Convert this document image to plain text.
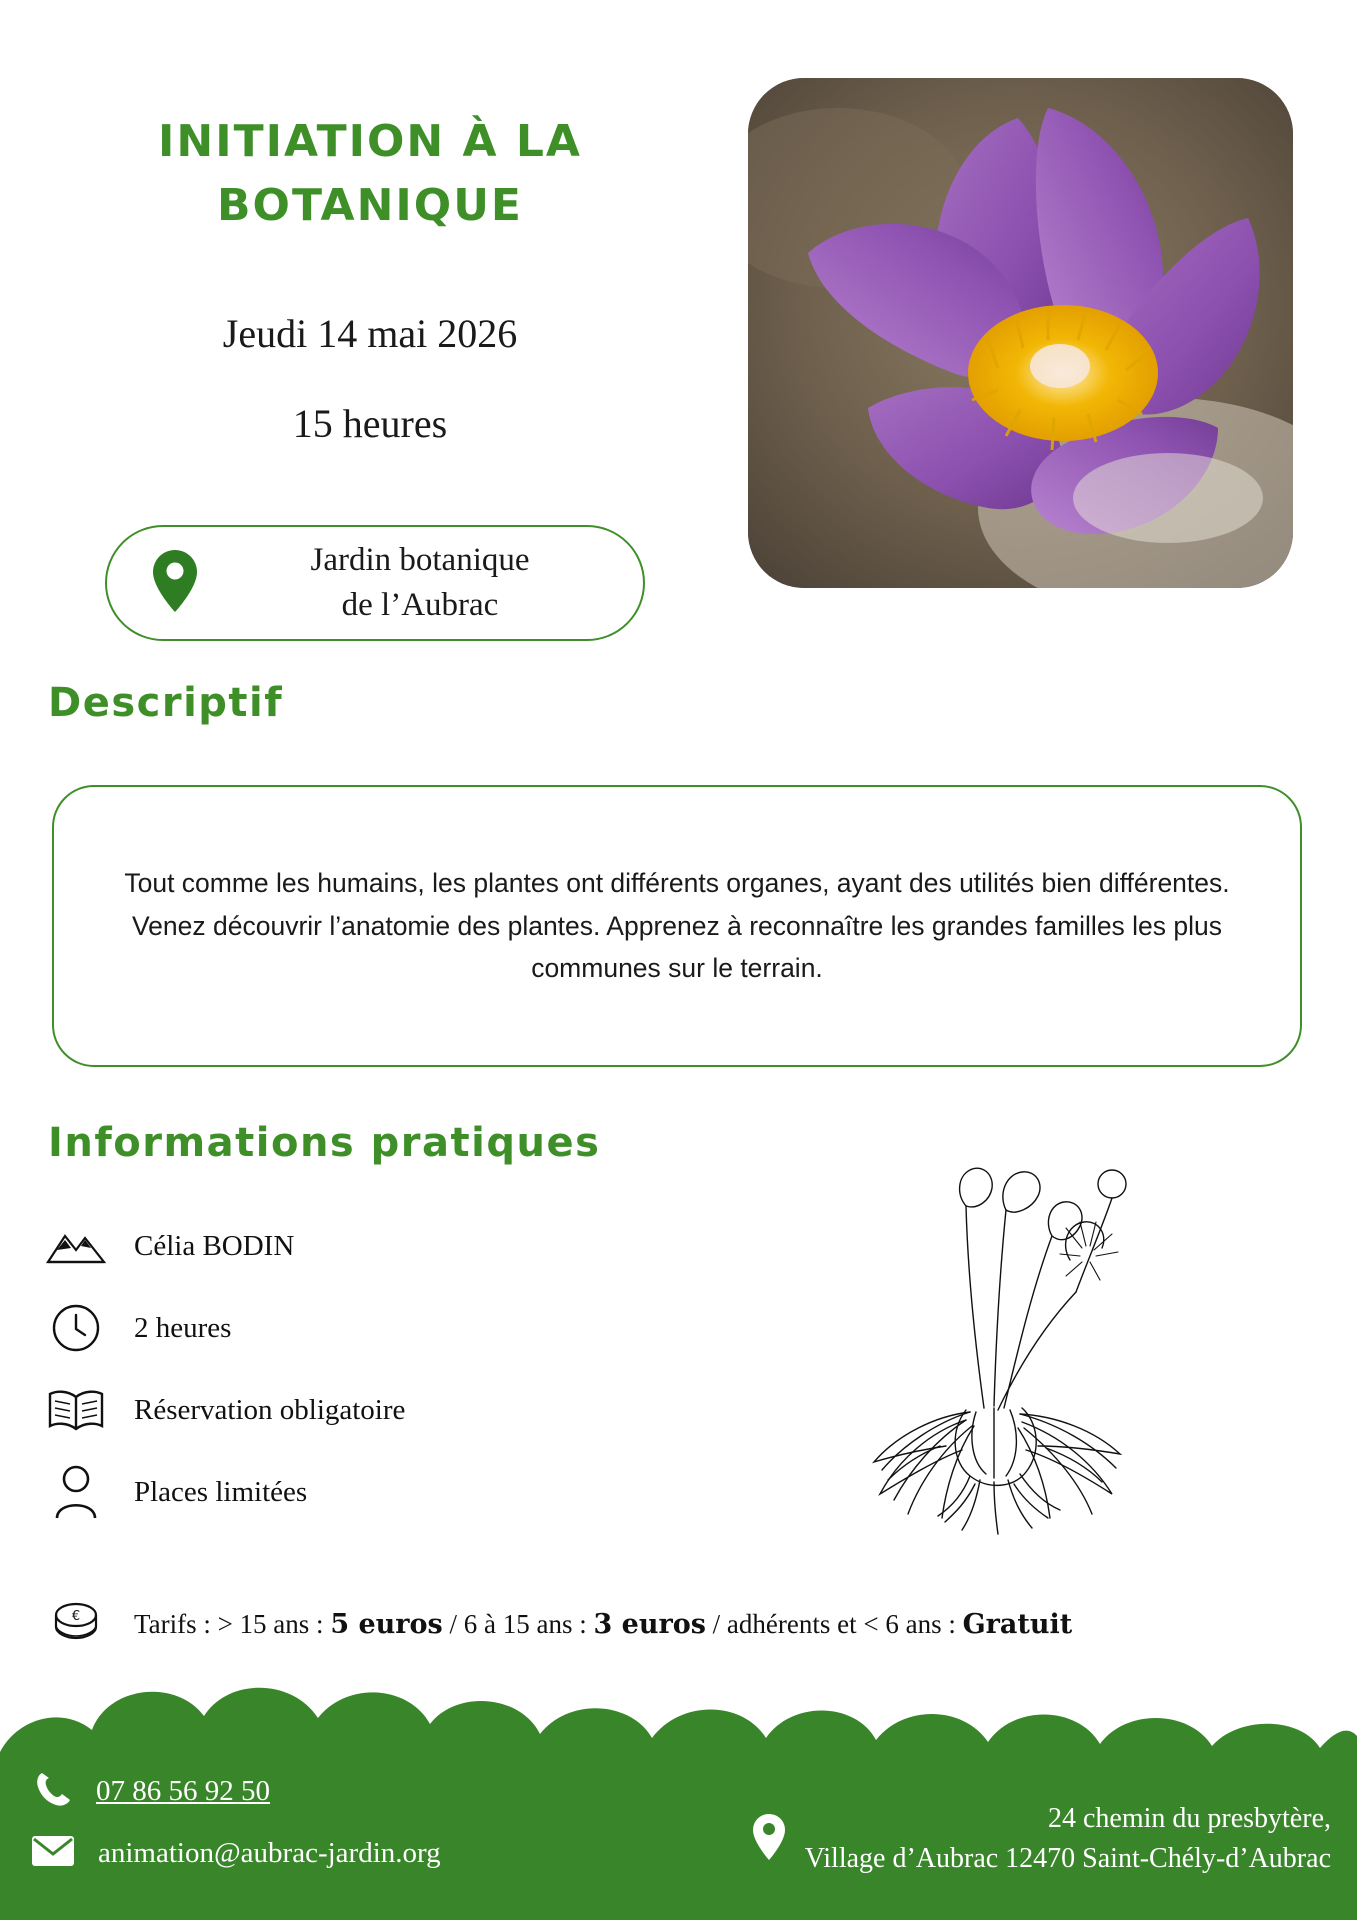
INITIATION À LA BOTANIQUE
Jeudi 14 mai 2026
15 heures
Jardin botanique
de l’Aubrac
Descriptif
Tout comme les humains, les plantes ont différents organes, ayant des utilités bien différentes. Venez découvrir l’anatomie des plantes. Apprenez à reconnaître les grandes familles les plus communes sur le terrain.
Informations pratiques
Célia BODIN
2 heures
Réservation obligatoire
Places limitées
€ Tarifs : > 15 ans : 5 euros / 6 à 15 ans : 3 euros / adhérents et < 6 ans : Gratuit
07 86 56 92 50
animation@aubrac-jardin.org
24 chemin du presbytère,
Village d’Aubrac 12470 Saint-Chély-d’Aubrac
